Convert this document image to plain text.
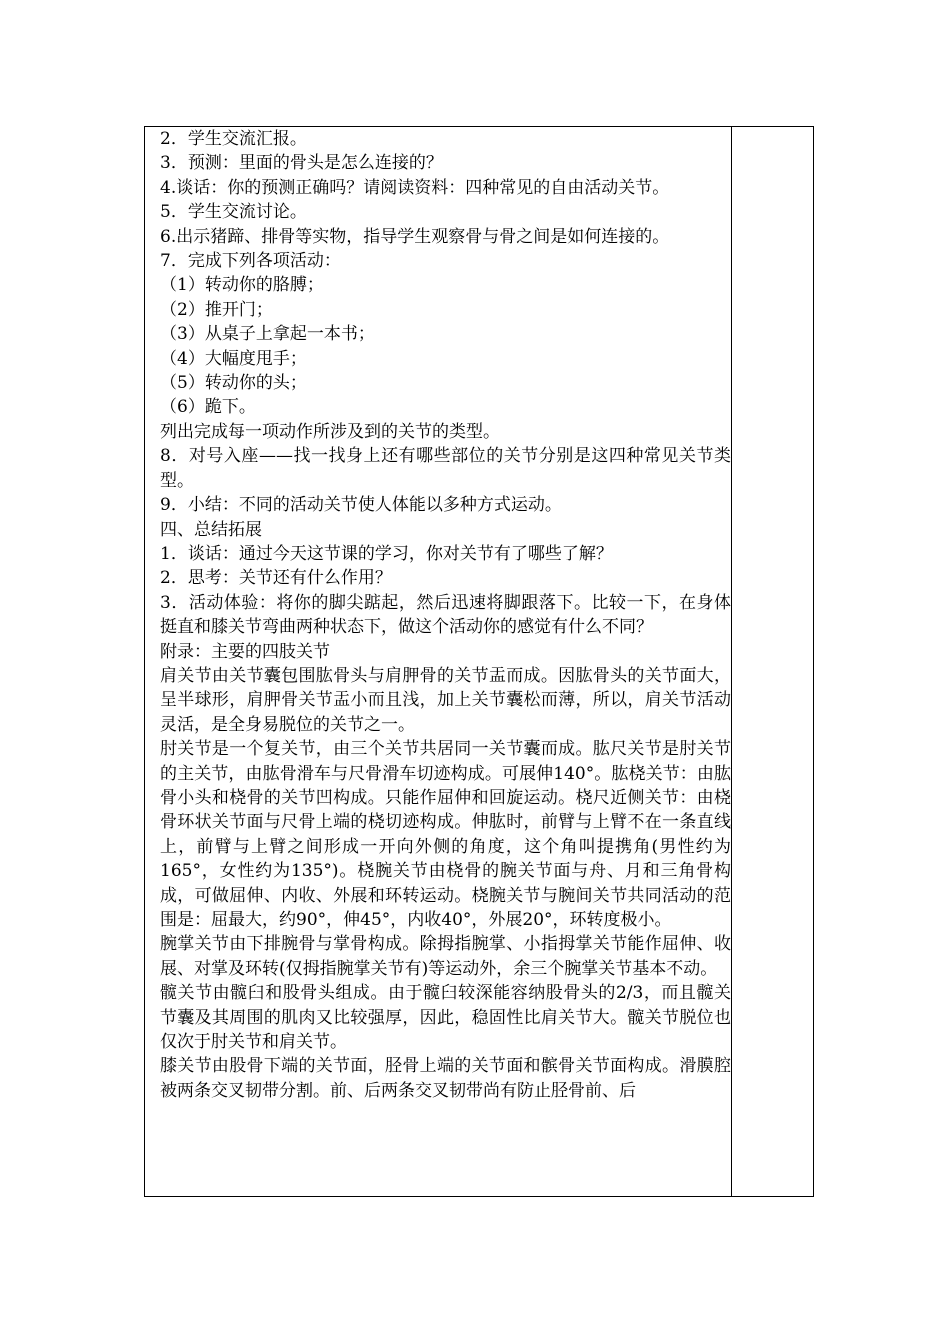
2．学生交流汇报。

3．预测：里面的骨头是怎么连接的？

4.谈话：你的预测正确吗？请阅读资料：四种常见的自由活动关节。

5．学生交流讨论。

6.出示猪蹄、排骨等实物，指导学生观察骨与骨之间是如何连接的。

7．完成下列各项活动：

（1）转动你的胳膊；

（2）推开门；

（3）从桌子上拿起一本书；

（4）大幅度甩手；

（5）转动你的头；

（6）跪下。

列出完成每一项动作所涉及到的关节的类型。

8．对号入座——找一找身上还有哪些部位的关节分别是这四种常见关节类型。

9．小结：不同的活动关节使人体能以多种方式运动。

四、总结拓展

1．谈话：通过今天这节课的学习，你对关节有了哪些了解？

2．思考：关节还有什么作用？

3．活动体验：将你的脚尖踮起，然后迅速将脚跟落下。比较一下，在身体挺直和膝关节弯曲两种状态下，做这个活动你的感觉有什么不同？

附录：主要的四肢关节

肩关节由关节囊包围肱骨头与肩胛骨的关节盂而成。因肱骨头的关节面大，呈半球形，肩胛骨关节盂小而且浅，加上关节囊松而薄，所以，肩关节活动灵活，是全身易脱位的关节之一。

肘关节是一个复关节，由三个关节共居同一关节囊而成。肱尺关节是肘关节的主关节，由肱骨滑车与尺骨滑车切迹构成。可展伸140°。肱桡关节：由肱骨小头和桡骨的关节凹构成。只能作屈伸和回旋运动。桡尺近侧关节：由桡骨环状关节面与尺骨上端的桡切迹构成。伸肱时，前臂与上臂不在一条直线上，前臂与上臂之间形成一开向外侧的角度，这个角叫提携角(男性约为165°，女性约为135°)。桡腕关节由桡骨的腕关节面与舟、月和三角骨构成，可做屈伸、内收、外展和环转运动。桡腕关节与腕间关节共同活动的范围是：屈最大，约90°，伸45°，内收40°，外展20°，环转度极小。

腕掌关节由下排腕骨与掌骨构成。除拇指腕掌、小指拇掌关节能作屈伸、收展、对掌及环转(仅拇指腕掌关节有)等运动外，余三个腕掌关节基本不动。

髋关节由髋臼和股骨头组成。由于髋臼较深能容纳股骨头的2/3，而且髋关节囊及其周围的肌肉又比较强厚，因此，稳固性比肩关节大。髋关节脱位也仅次于肘关节和肩关节。

膝关节由股骨下端的关节面，胫骨上端的关节面和髌骨关节面构成。滑膜腔被两条交叉韧带分割。前、后两条交叉韧带尚有防止胫骨前、后
